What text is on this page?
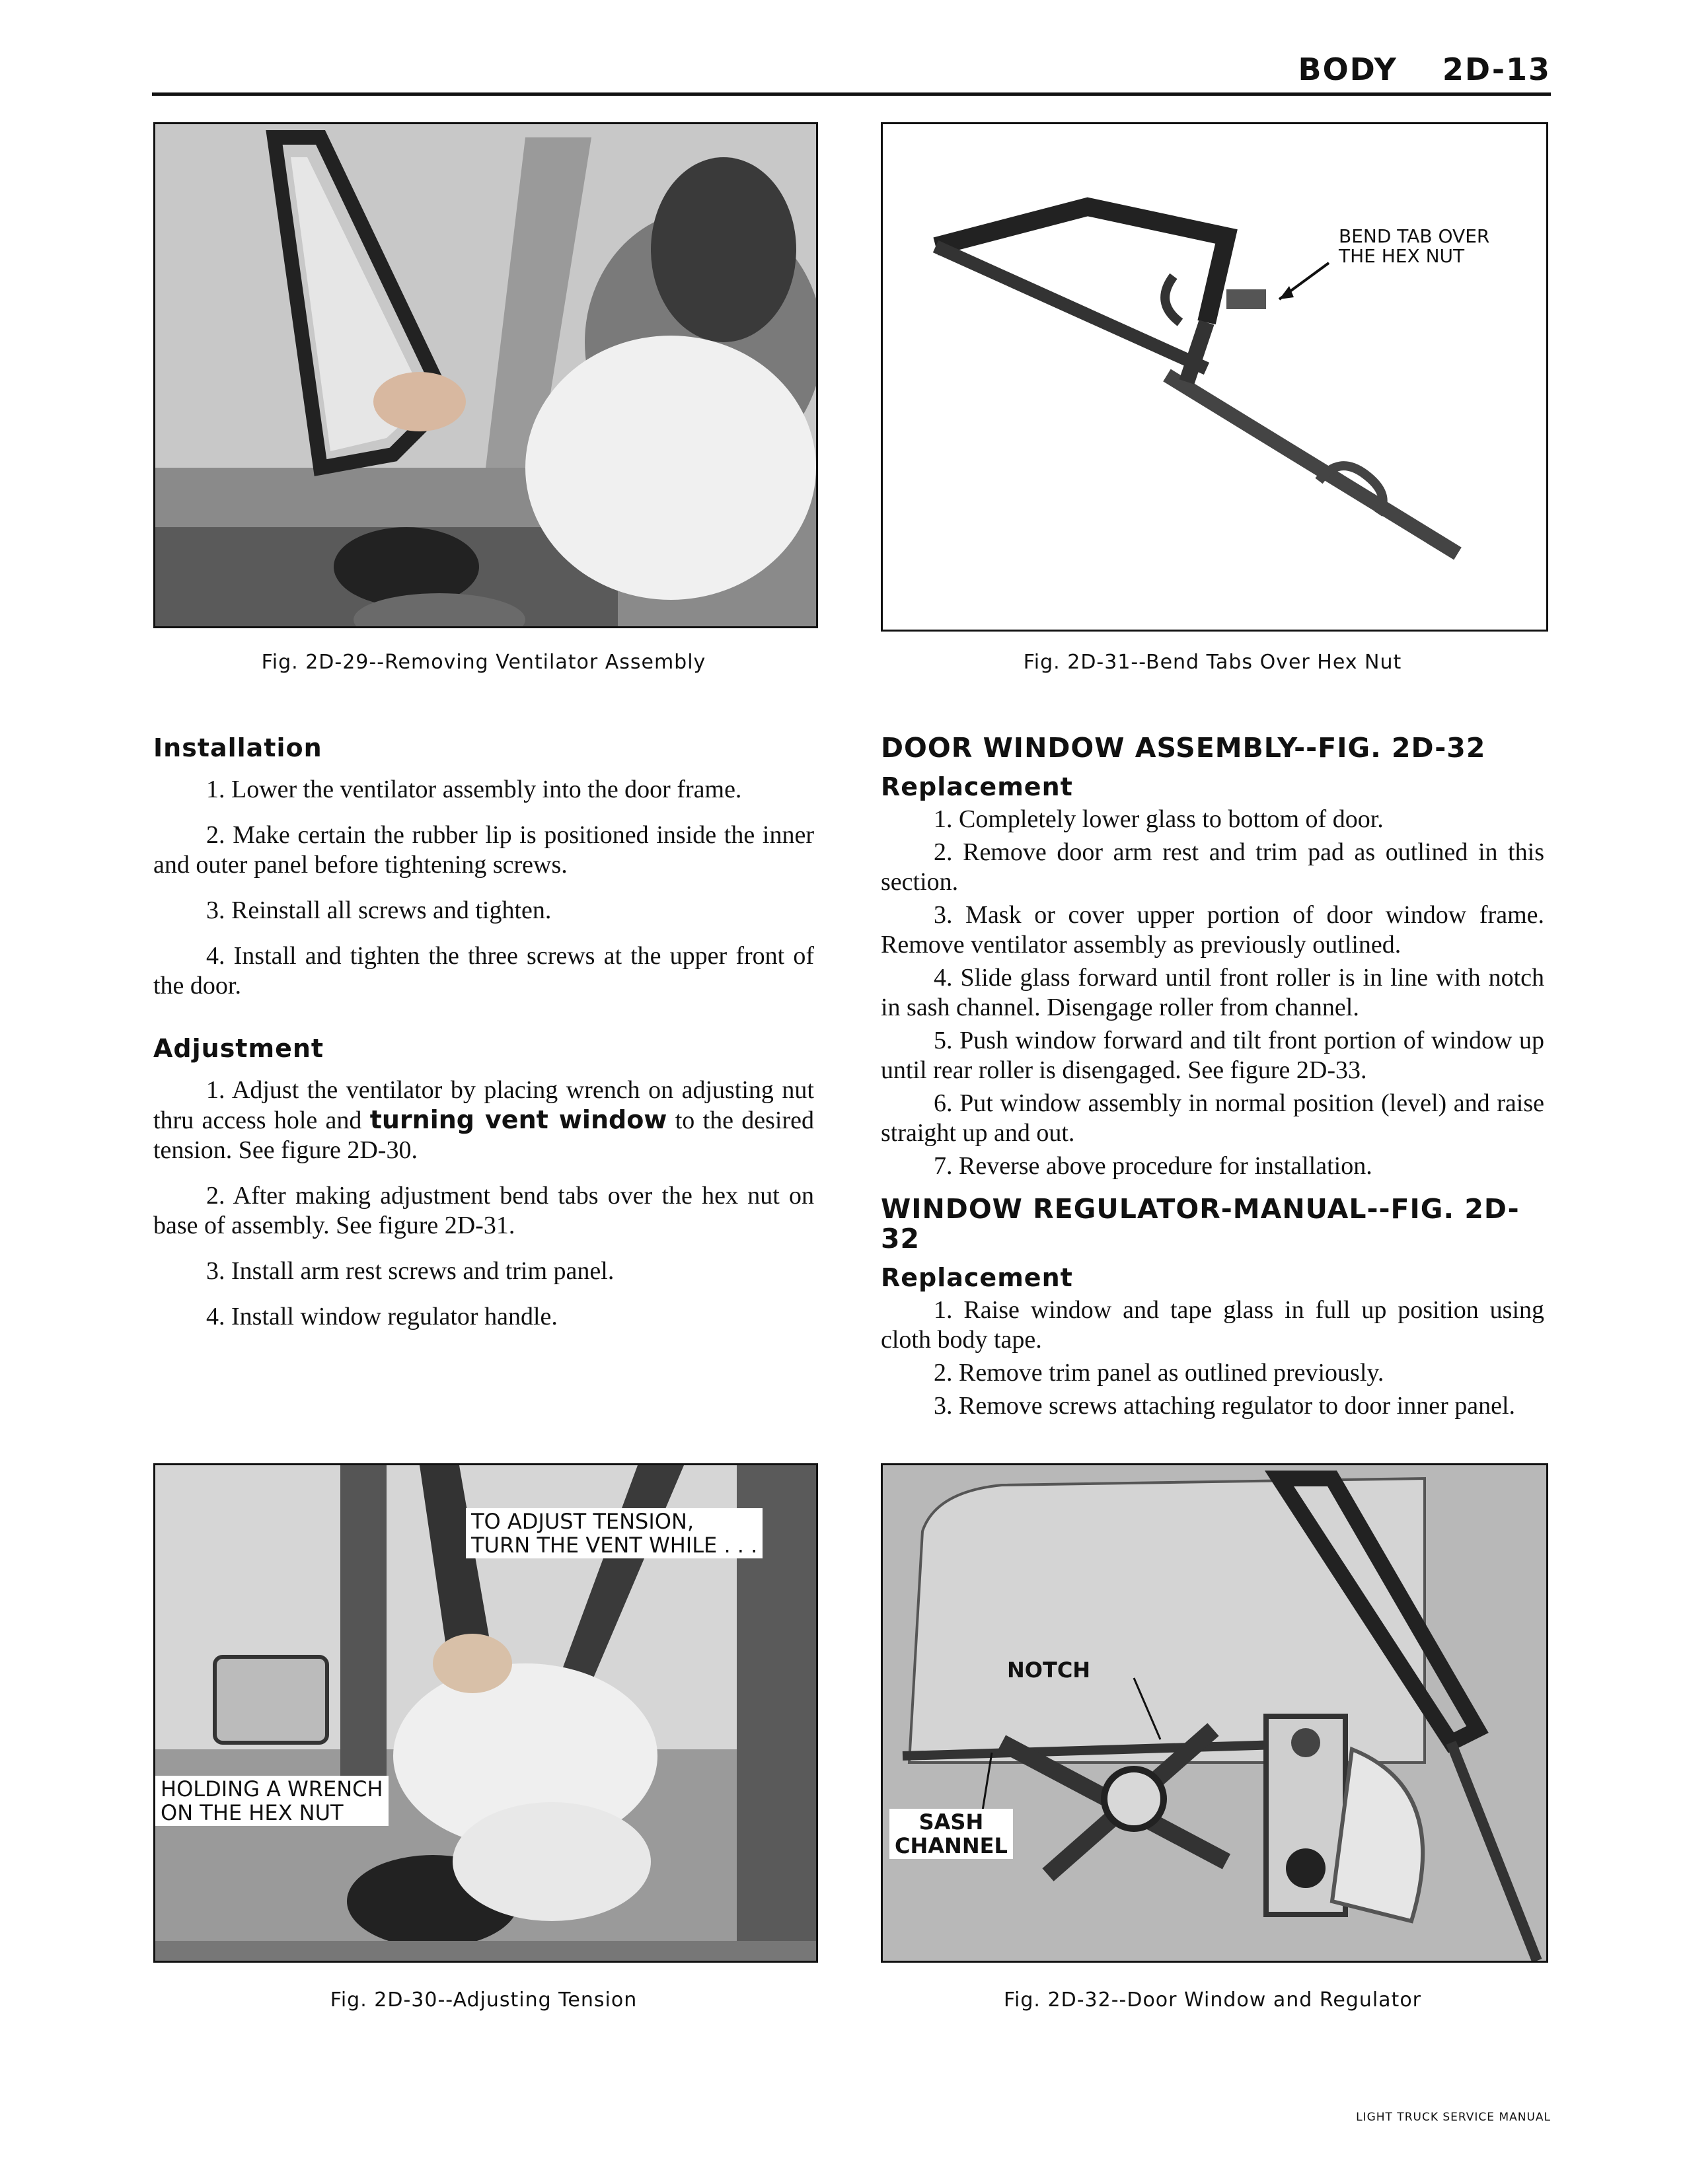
BODY 2D-13
Fig. 2D-29--Removing Ventilator Assembly
BEND TAB OVER
THE HEX NUT
Fig. 2D-31--Bend Tabs Over Hex Nut
Installation

1. Lower the ventilator assembly into the door frame.

2. Make certain the rubber lip is positioned inside the inner and outer panel before tightening screws.

3. Reinstall all screws and tighten.

4. Install and tighten the three screws at the upper front of the door.

Adjustment

1. Adjust the ventilator by placing wrench on adjusting nut thru access hole and turning vent window to the desired tension. See figure 2D-30.

2. After making adjustment bend tabs over the hex nut on base of assembly. See figure 2D-31.

3. Install arm rest screws and trim panel.

4. Install window regulator handle.

DOOR WINDOW ASSEMBLY--FIG. 2D-32
Replacement

1. Completely lower glass to bottom of door.

2. Remove door arm rest and trim pad as outlined in this section.

3. Mask or cover upper portion of door window frame. Remove ventilator assembly as previously outlined.

4. Slide glass forward until front roller is in line with notch in sash channel. Disengage roller from channel.

5. Push window forward and tilt front portion of window up until rear roller is disengaged. See figure 2D-33.

6. Put window assembly in normal position (level) and raise straight up and out.

7. Reverse above procedure for installation.

WINDOW REGULATOR-MANUAL--FIG. 2D-32
Replacement

1. Raise window and tape glass in full up position using cloth body tape.

2. Remove trim panel as outlined previously.

3. Remove screws attaching regulator to door inner panel.

TO ADJUST TENSION,
TURN THE VENT WHILE . . .
HOLDING A WRENCH
ON THE HEX NUT
Fig. 2D-30--Adjusting Tension
NOTCH
SASH
CHANNEL
Fig. 2D-32--Door Window and Regulator
LIGHT TRUCK SERVICE MANUAL
